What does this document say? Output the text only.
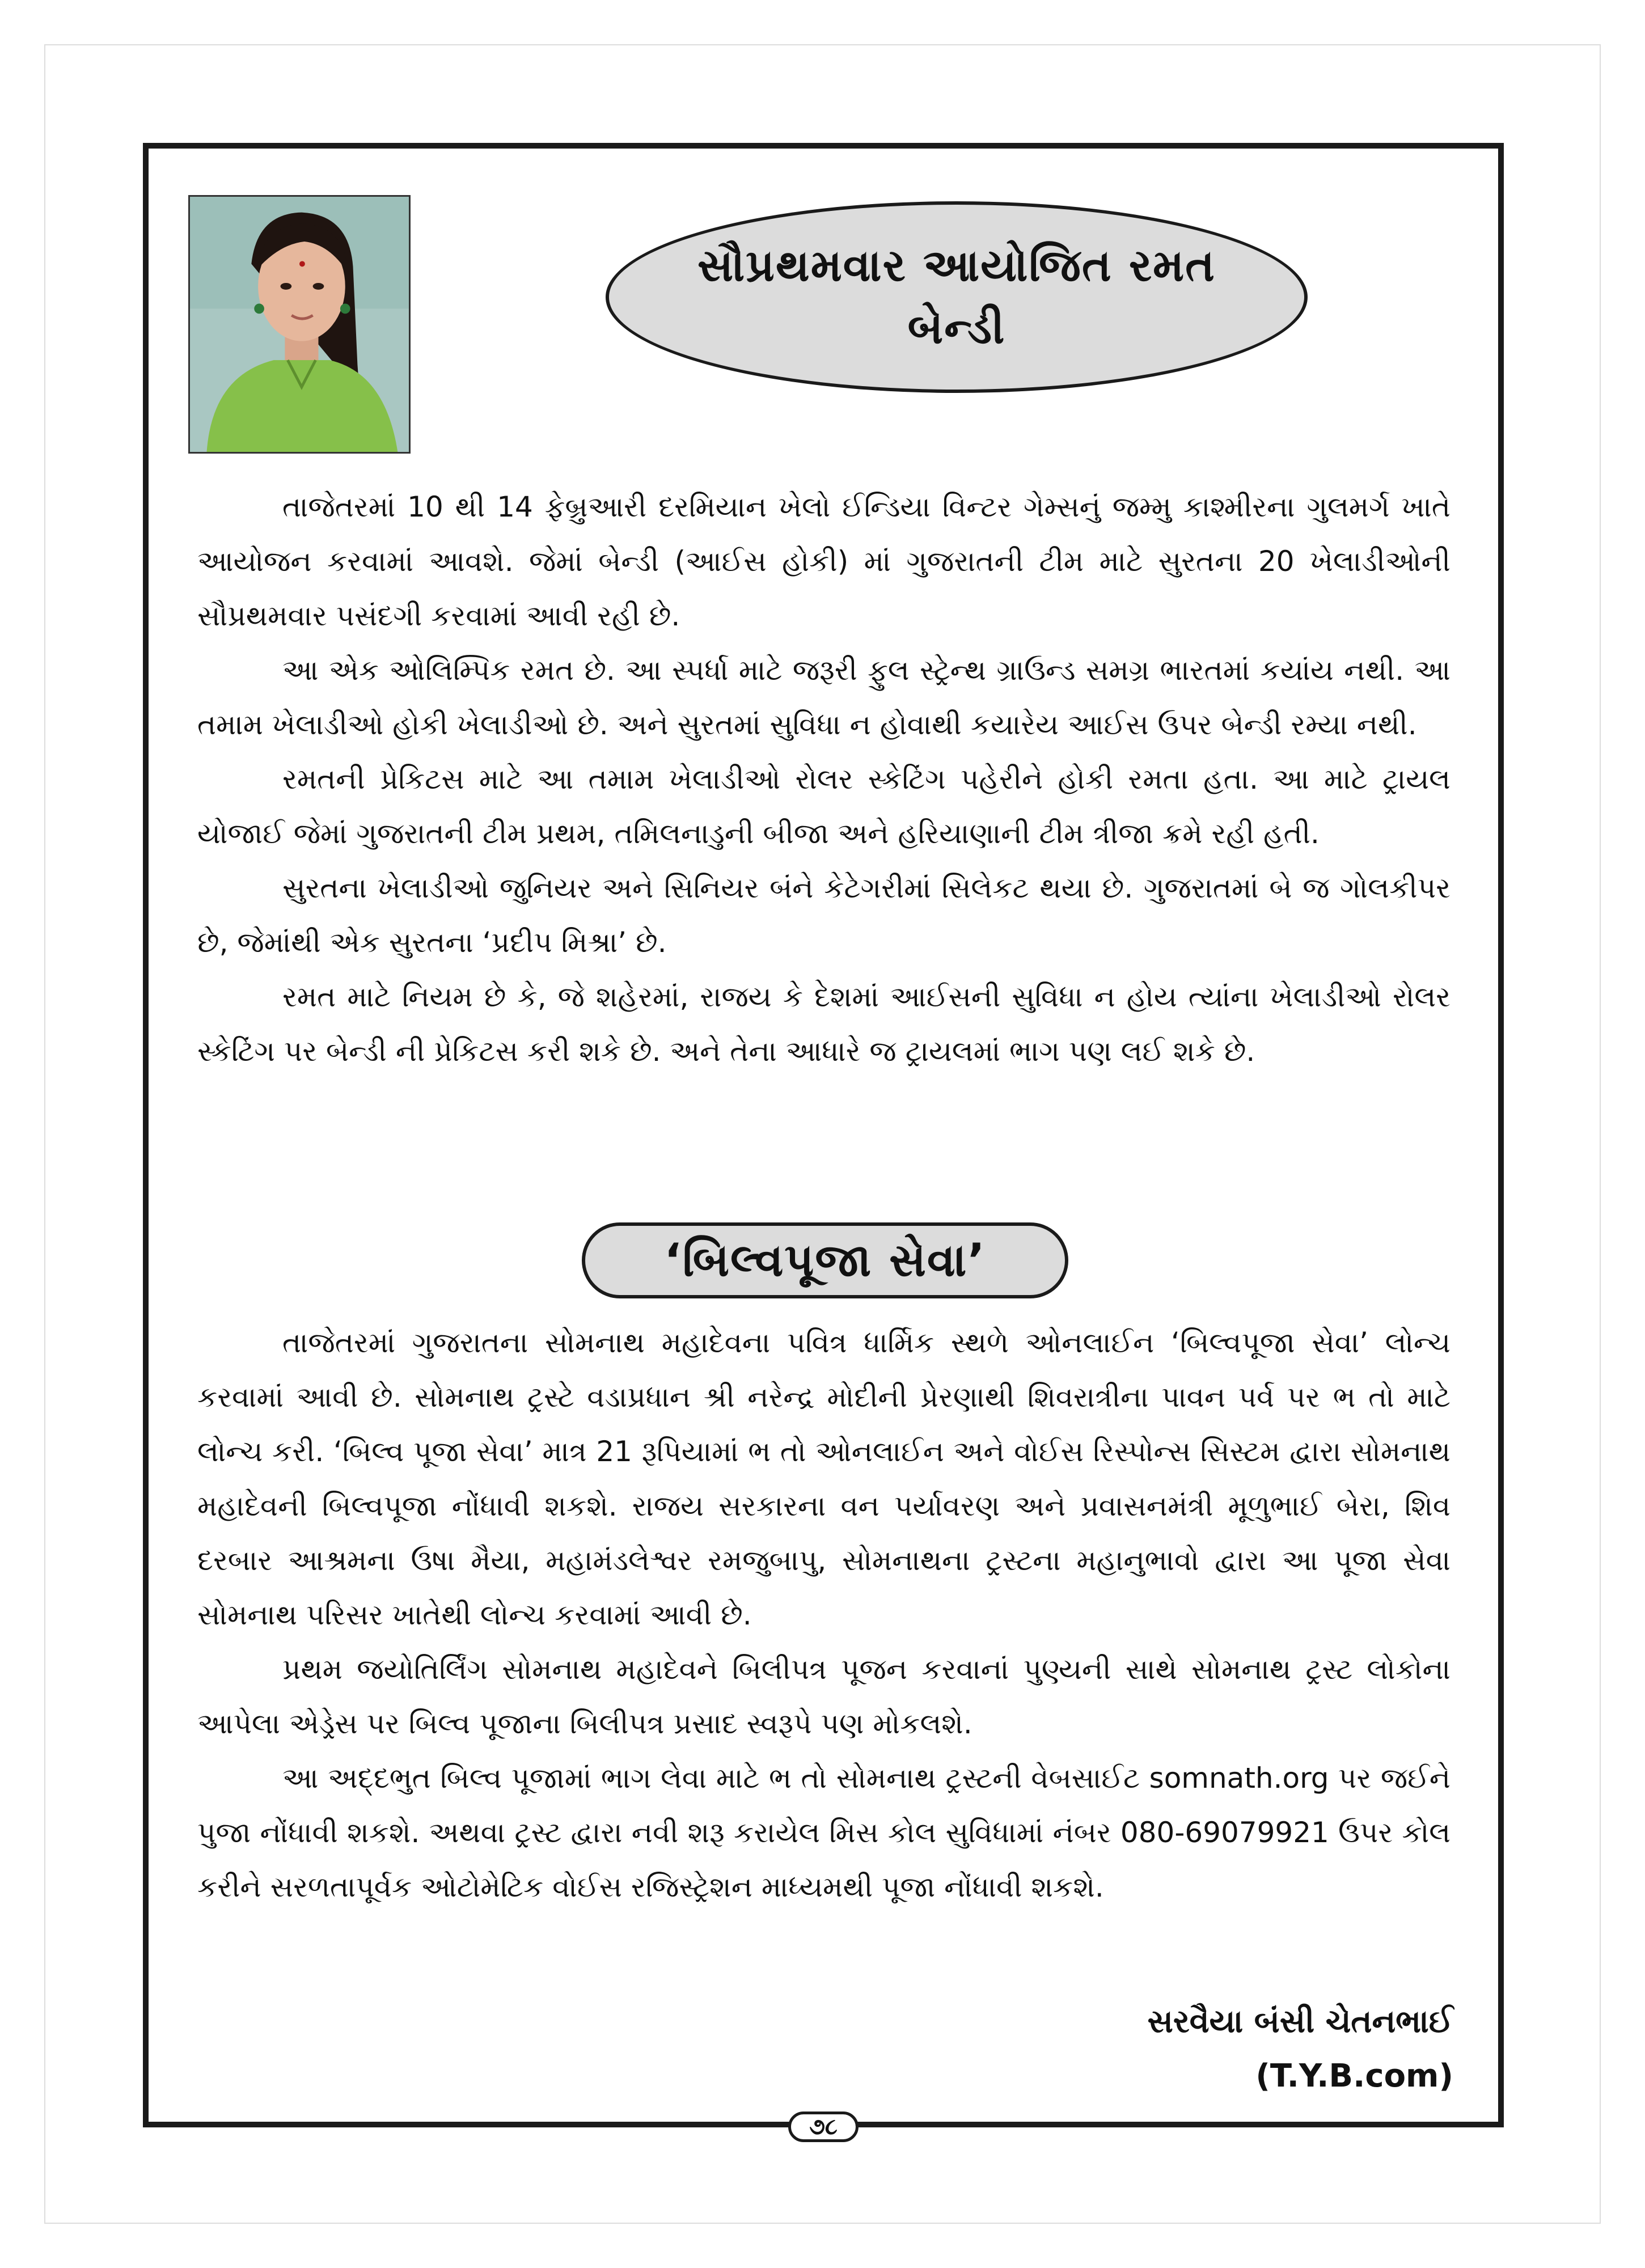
સૌપ્રથમવાર આયોજિત રમત
બેન્ડી

તાજેતરમાં 10 થી 14 ફેબ્રુઆરી દરમિયાન ખેલો ઈન્ડિયા વિન્ટર ગેમ્સનું જમ્મુ કાશ્મીરના ગુલમર્ગ ખાતે આયોજન કરવામાં આવશે. જેમાં બેન્ડી (આઈસ હોકી) માં ગુજરાતની ટીમ માટે સુરતના 20 ખેલાડીઓની સૌપ્રથમવાર પસંદગી કરવામાં આવી રહી છે.

આ એક ઓલિમ્પિક રમત છે. આ સ્પર્ધા માટે જરૂરી ફુલ સ્ટ્રેન્થ ગ્રાઉન્ડ સમગ્ર ભારતમાં કયાંય નથી. આ તમામ ખેલાડીઓ હોકી ખેલાડીઓ છે. અને સુરતમાં સુવિધા ન હોવાથી કયારેય આઈસ ઉપર બેન્ડી રમ્યા નથી.

રમતની પ્રેકિટસ માટે આ તમામ ખેલાડીઓ રોલર સ્કેટિંગ પહેરીને હોકી રમતા હતા. આ માટે ટ્રાયલ યોજાઈ જેમાં ગુજરાતની ટીમ પ્રથમ, તમિલનાડુની બીજા અને હરિયાણાની ટીમ ત્રીજા ક્રમે રહી હતી.

સુરતના ખેલાડીઓ જુનિયર અને સિનિયર બંને કેટેગરીમાં સિલેકટ થયા છે. ગુજરાતમાં બે જ ગોલકીપર છે, જેમાંથી એક સુરતના ‘પ્રદીપ મિશ્રા’ છે.

રમત માટે નિયમ છે કે, જે શહેરમાં, રાજય કે દેશમાં આઈસની સુવિધા ન હોય ત્યાંના ખેલાડીઓ રોલર સ્કેટિંગ પર બેન્ડી ની પ્રેકિટસ કરી શકે છે. અને તેના આધારે જ ટ્રાયલમાં ભાગ પણ લઈ શકે છે.

‘બિલ્વપૂજા સેવા’

તાજેતરમાં ગુજરાતના સોમનાથ મહાદેવના પવિત્ર ધાર્મિક સ્થળે ઓનલાઈન ‘બિલ્વપૂજા સેવા’ લોન્ચ કરવામાં આવી છે. સોમનાથ ટ્રસ્ટે વડાપ્રધાન શ્રી નરેન્દ્ર મોદીની પ્રેરણાથી શિવરાત્રીના પાવન પર્વ પર ભ તો માટે લોન્ચ કરી. ‘બિલ્વ પૂજા સેવા’ માત્ર 21 રૂપિયામાં ભ તો ઓનલાઈન અને વોઈસ રિસ્પોન્સ સિસ્ટમ દ્વારા સોમનાથ મહાદેવની બિલ્વપૂજા નોંધાવી શકશે. રાજય સરકારના વન પર્યાવરણ અને પ્રવાસનમંત્રી મૂળુભાઈ બેરા, શિવ દરબાર આશ્રમના ઉષા મૈયા, મહામંડલેશ્વર રમજુબાપુ, સોમનાથના ટ્રસ્ટના મહાનુભાવો દ્વારા આ પૂજા સેવા સોમનાથ પરિસર ખાતેથી લોન્ચ કરવામાં આવી છે.

પ્રથમ જયોતિર્લિંગ સોમનાથ મહાદેવને બિલીપત્ર પૂજન કરવાનાં પુણ્યની સાથે સોમનાથ ટ્રસ્ટ લોકોના આપેલા એડ્રેસ પર બિલ્વ પૂજાના બિલીપત્ર પ્રસાદ સ્વરૂપે પણ મોકલશે.

આ અદ્દભુત બિલ્વ પૂજામાં ભાગ લેવા માટે ભ તો સોમનાથ ટ્રસ્ટની વેબસાઈટ somnath.org પર જઈને પુજા નોંધાવી શકશે. અથવા ટ્રસ્ટ દ્વારા નવી શરૂ કરાયેલ મિસ કોલ સુવિધામાં નંબર 080-69079921 ઉપર કોલ કરીને સરળતાપૂર્વક ઓટોમેટિક વોઈસ રજિસ્ટ્રેશન માધ્યમથી પૂજા નોંધાવી શકશે.

સરવૈયા બંસી ચેતનભાઈ
(T.Y.B.com)
૭૮
